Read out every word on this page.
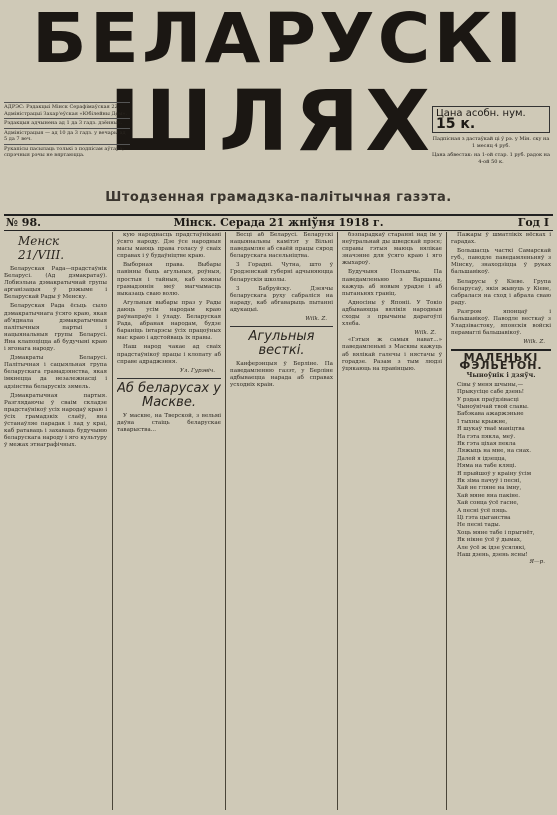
БЕЛАРУСКІ
ШЛЯХ
АДРЭС: Рэдакцыі Мінск Серафімаўская 22. Адміністрацыі Захар'еўская «Юбілейны Дом».
Рэдакцыя адчынена ад 1 да 3 гадз. дзённых.
Адміністрацыя — ад 10 да 3 гадз. у вечары ад 5 да 7 веч.
Рукапісы пасылаць толькі з подпісам аўтара; спрэчныя рэчы не вяртаюцца.
Цана асобн. нум. 15 к.
Падпісная з дастаўкай ці ў рэ. у Мін. ску на 1 месяц 4 руб.
Цана абвестак: на 1-ой стар. 1 руб. радок на 4-ой 50 к.
Штодзенная грамадзка-палітычная газэта.
№ 98.	Мінск. Серада 21 жніўня 1918 г.	Год I
Менск 21/VIII.

Беларуская Рада—прадстаўнік Беларусі. (Ад дэмакратаў). Лобиэльна дэмакратычнай групы арганізацыя ў рэжыме і Беларускай Рады ў Менску.

Беларуская Рада ёсьць сыло дэмакратычнага ўсяго краю, якая аб'яднала дэмакратычныя палітычныя партыі і нацыянальныя групы Беларусі. Яна клапоціцца аб будучыні краю і ягонага народу.

Дэмакраты Беларусі. Палітычная і сацыяльная група беларускага грамадзянства, якая імкнецца да незалежнасці і адзінства беларускіх зямель.

Дэмакратычная партыя. Разглядаючы ў сваім складзе прадстаўнікоў усіх народаў краю і ўсіх грамадзкіх слаёў, яна ўстанаўляе парадак і лад у краі, каб ратаваць і захаваць будучыню беларускага народу і яго культуру ў межах этнаграфічных.

кую народнасць прадстаўнікамі ўсяго народу. Дзе ўсе народныя масы маюць права голасу ў сваіх справах і ў будаўніцтве краю.

Выборная права. Выбары павінны быць агульныя, роўныя, простыя і тайныя, каб кожны грамадзянін меў магчымасць выказаць сваю волю.

Агульныя выбары праз у Рады даюць усім народам краю раўнапраўе і ўладу. Беларуская Рада, абраная народам, будзе бараніць інтарэсы ўсіх працоўных мас краю і адстойваць іх правы.

Наш народ чакае ад сваіх прадстаўнікоў працы і клопату аб справе адраджэння.

Ул. Гурэвіч.
Аб беларусах у Маскве.

У маскве, на Тверской, з вельмі даўна стаіць беларускае таварыства...

Весці аб Беларусі. Беларускі нацыянальны камітэт у Вільні паведамляе аб сваёй працы сярод беларускага насельніцтва.

З Горадні. Чутна, што ў Гродзенскай губерні адчыняюцца беларускія школы.

З Бабруйску. Дзеячы беларускага руху сабраліся на нараду, каб абгаварыць пытанні адукацыі.

Wilk. Z.
Агульныя весткі.

Канферэнцыя ў Берліне. Па паведамленню газэт, у Берліне адбываецца нарада аб справах усходніх краін.

бэзпарадкаў старанні над ім у неўтральнай ды шведскай прэсе; справы гэтыя маюць вялікае значэнне для ўсяго краю і яго жыхароў.

Будучыня Польшчы. Па паведамленьню з Варшавы, кажуць аб новым урадзе і аб пытаньнях граніц.

Адносіны ў Японіі. У Токіо адбываюцца вялікія народныя сходы з прычыны дарагоўлі хлеба.

Wilk. Z.

«Гэтыя ж самыя нават...» паведамленьні з Масквы кажуць аб вялікай галечы і нястачы ў горадзе. Разам з тым людзі ўцякаюць на правінцыю.

Пажары ў шматлікіх вёсках і гарадах.

Большасць часткі Самарскай губ., паводле паведамленьняў з Мінску, знаходзіцца ў руках бальшавікоў.

Беларусы ў Кіеве. Група беларусаў, якія жывуць у Кіеве, сабралася на сход і абрала сваю раду.

Разгром японцаў і бальшавікоў. Паводле весткаў з Уладзівастоку, японскія войскі перамаглі бальшавікоў.

Wilk. Z.
МАЛЕНЬКІ ФЭЛЬЕТОН.
Чыноўнік і дзяўч.
Сівы ў меня шчыны,—
Прыкусіце сабе дзень!
У рэдак праўдзівасці
Чыноўнічай твой славы.
Бабэкава ажаржэньне
І тыхны крыжне,
Я шукаў тваё маніцтва
На гэта пякла, меў.
Як гэта ціхая пекла
Ляжыць на мне, на снах.
Далей я ідзецца,
Няма на табе кляці.
Я прыйшоў у краіну ўсім
Як зіма пачуў і песні,
Хай не гляне на імну,
Хай мяне яна пакіне.
Хай сонца ўсё гасне,
А песні ўсё пяць.
Ці гэта цыганства
Не песні тады.
Хоць мяне табе і прыгнёт,
Як нікне ўсё ў дымах,
Але ўсё ж ідзе ўсялякі,
Наш дзень, дзень ясны!
Я—р.
